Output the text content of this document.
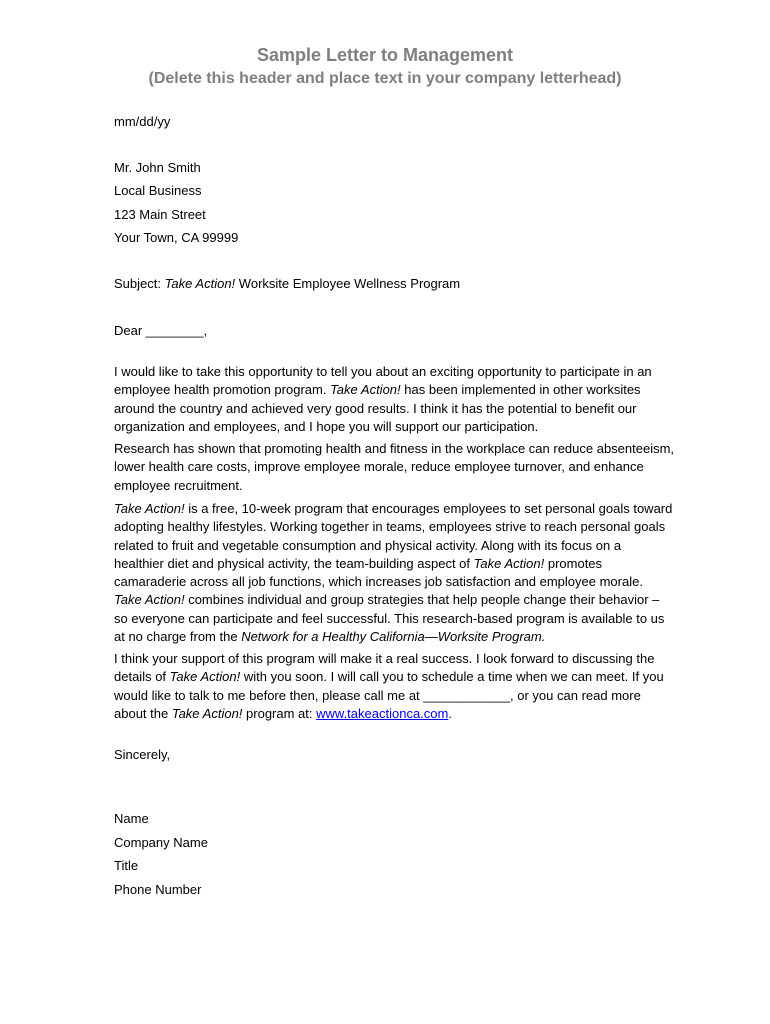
Sample Letter to Management
(Delete this header and place text in your company letterhead)
mm/dd/yy
Mr. John Smith
Local Business
123 Main Street
Your Town, CA 99999
Subject: Take Action! Worksite Employee Wellness Program
Dear ________,
I would like to take this opportunity to tell you about an exciting opportunity to participate in an
employee health promotion program. Take Action! has been implemented in other worksites
around the country and achieved very good results. I think it has the potential to benefit our
organization and employees, and I hope you will support our participation.
Research has shown that promoting health and fitness in the workplace can reduce absenteeism,
lower health care costs, improve employee morale, reduce employee turnover, and enhance
employee recruitment.
Take Action! is a free, 10-week program that encourages employees to set personal goals toward
adopting healthy lifestyles. Working together in teams, employees strive to reach personal goals
related to fruit and vegetable consumption and physical activity. Along with its focus on a
healthier diet and physical activity, the team-building aspect of Take Action! promotes
camaraderie across all job functions, which increases job satisfaction and employee morale.
Take Action! combines individual and group strategies that help people change their behavior –
so everyone can participate and feel successful. This research-based program is available to us
at no charge from the Network for a Healthy California—Worksite Program.
I think your support of this program will make it a real success. I look forward to discussing the
details of Take Action! with you soon. I will call you to schedule a time when we can meet. If you
would like to talk to me before then, please call me at ____________, or you can read more
about the Take Action! program at: www.takeactionca.com.
Sincerely,
Name
Company Name
Title
Phone Number
